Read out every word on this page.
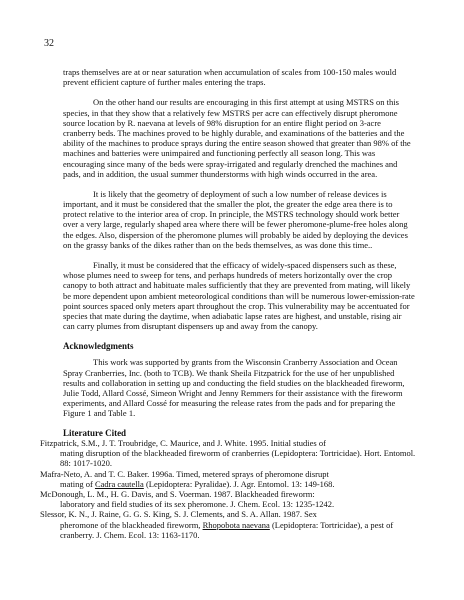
32

traps themselves are at or near saturation when accumulation of scales from 100-150 males would prevent efficient capture of further males entering the traps.

On the other hand our results are encouraging in this first attempt at using MSTRS on this species, in that they show that a relatively few MSTRS per acre can effectively disrupt pheromone source location by R. naevana at levels of 98% disruption for an entire flight period on 3-acre cranberry beds. The machines proved to be highly durable, and examinations of the batteries and the ability of the machines to produce sprays during the entire season showed that greater than 98% of the machines and batteries were unimpaired and functioning perfectly all season long. This was encouraging since many of the beds were spray-irrigated and regularly drenched the machines and pads, and in addition, the usual summer thunderstorms with high winds occurred in the area.

It is likely that the geometry of deployment of such a low number of release devices is important, and it must be considered that the smaller the plot, the greater the edge area there is to protect relative to the interior area of crop. In principle, the MSTRS technology should work better over a very large, regularly shaped area where there will be fewer pheromone-plume-free holes along the edges. Also, dispersion of the pheromone plumes will probably be aided by deploying the devices on the grassy banks of the dikes rather than on the beds themselves, as was done this time..

Finally, it must be considered that the efficacy of widely-spaced dispensers such as these, whose plumes need to sweep for tens, and perhaps hundreds of meters horizontally over the crop canopy to both attract and habituate males sufficiently that they are prevented from mating, will likely be more dependent upon ambient meteorological conditions than will be numerous lower-emission-rate point sources spaced only meters apart throughout the crop. This vulnerability may be accentuated for species that mate during the daytime, when adiabatic lapse rates are highest, and unstable, rising air can carry plumes from disruptant dispensers up and away from the canopy.

Acknowledgments

This work was supported by grants from the Wisconsin Cranberry Association and Ocean Spray Cranberries, Inc. (both to TCB). We thank Sheila Fitzpatrick for the use of her unpublished results and collaboration in setting up and conducting the field studies on the blackheaded fireworm, Julie Todd, Allard Cossé, Simeon Wright and Jenny Remmers for their assistance with the fireworm experiments, and Allard Cossé for measuring the release rates from the pads and for preparing the Figure 1 and Table 1.

Literature Cited

Fitzpatrick, S.M., J. T. Troubridge, C. Maurice, and J. White. 1995. Initial studies of
mating disruption of the blackheaded fireworm of cranberries (Lepidoptera: Tortricidae). Hort. Entomol. 88: 1017-1020.

Mafra-Neto, A. and T. C. Baker. 1996a. Timed, metered sprays of pheromone disrupt
mating of Cadra cautella (Lepidoptera: Pyralidae). J. Agr. Entomol. 13: 149-168.

McDonough, L. M., H. G. Davis, and S. Voerman. 1987. Blackheaded fireworm:
laboratory and field studies of its sex pheromone. J. Chem. Ecol. 13: 1235-1242.

Slessor, K. N., J. Raine, G. G. S. King, S. J. Clements, and S. A. Allan. 1987. Sex
pheromone of the blackheaded fireworm, Rhopobota naevana (Lepidoptera: Tortricidae), a pest of cranberry. J. Chem. Ecol. 13: 1163-1170.
